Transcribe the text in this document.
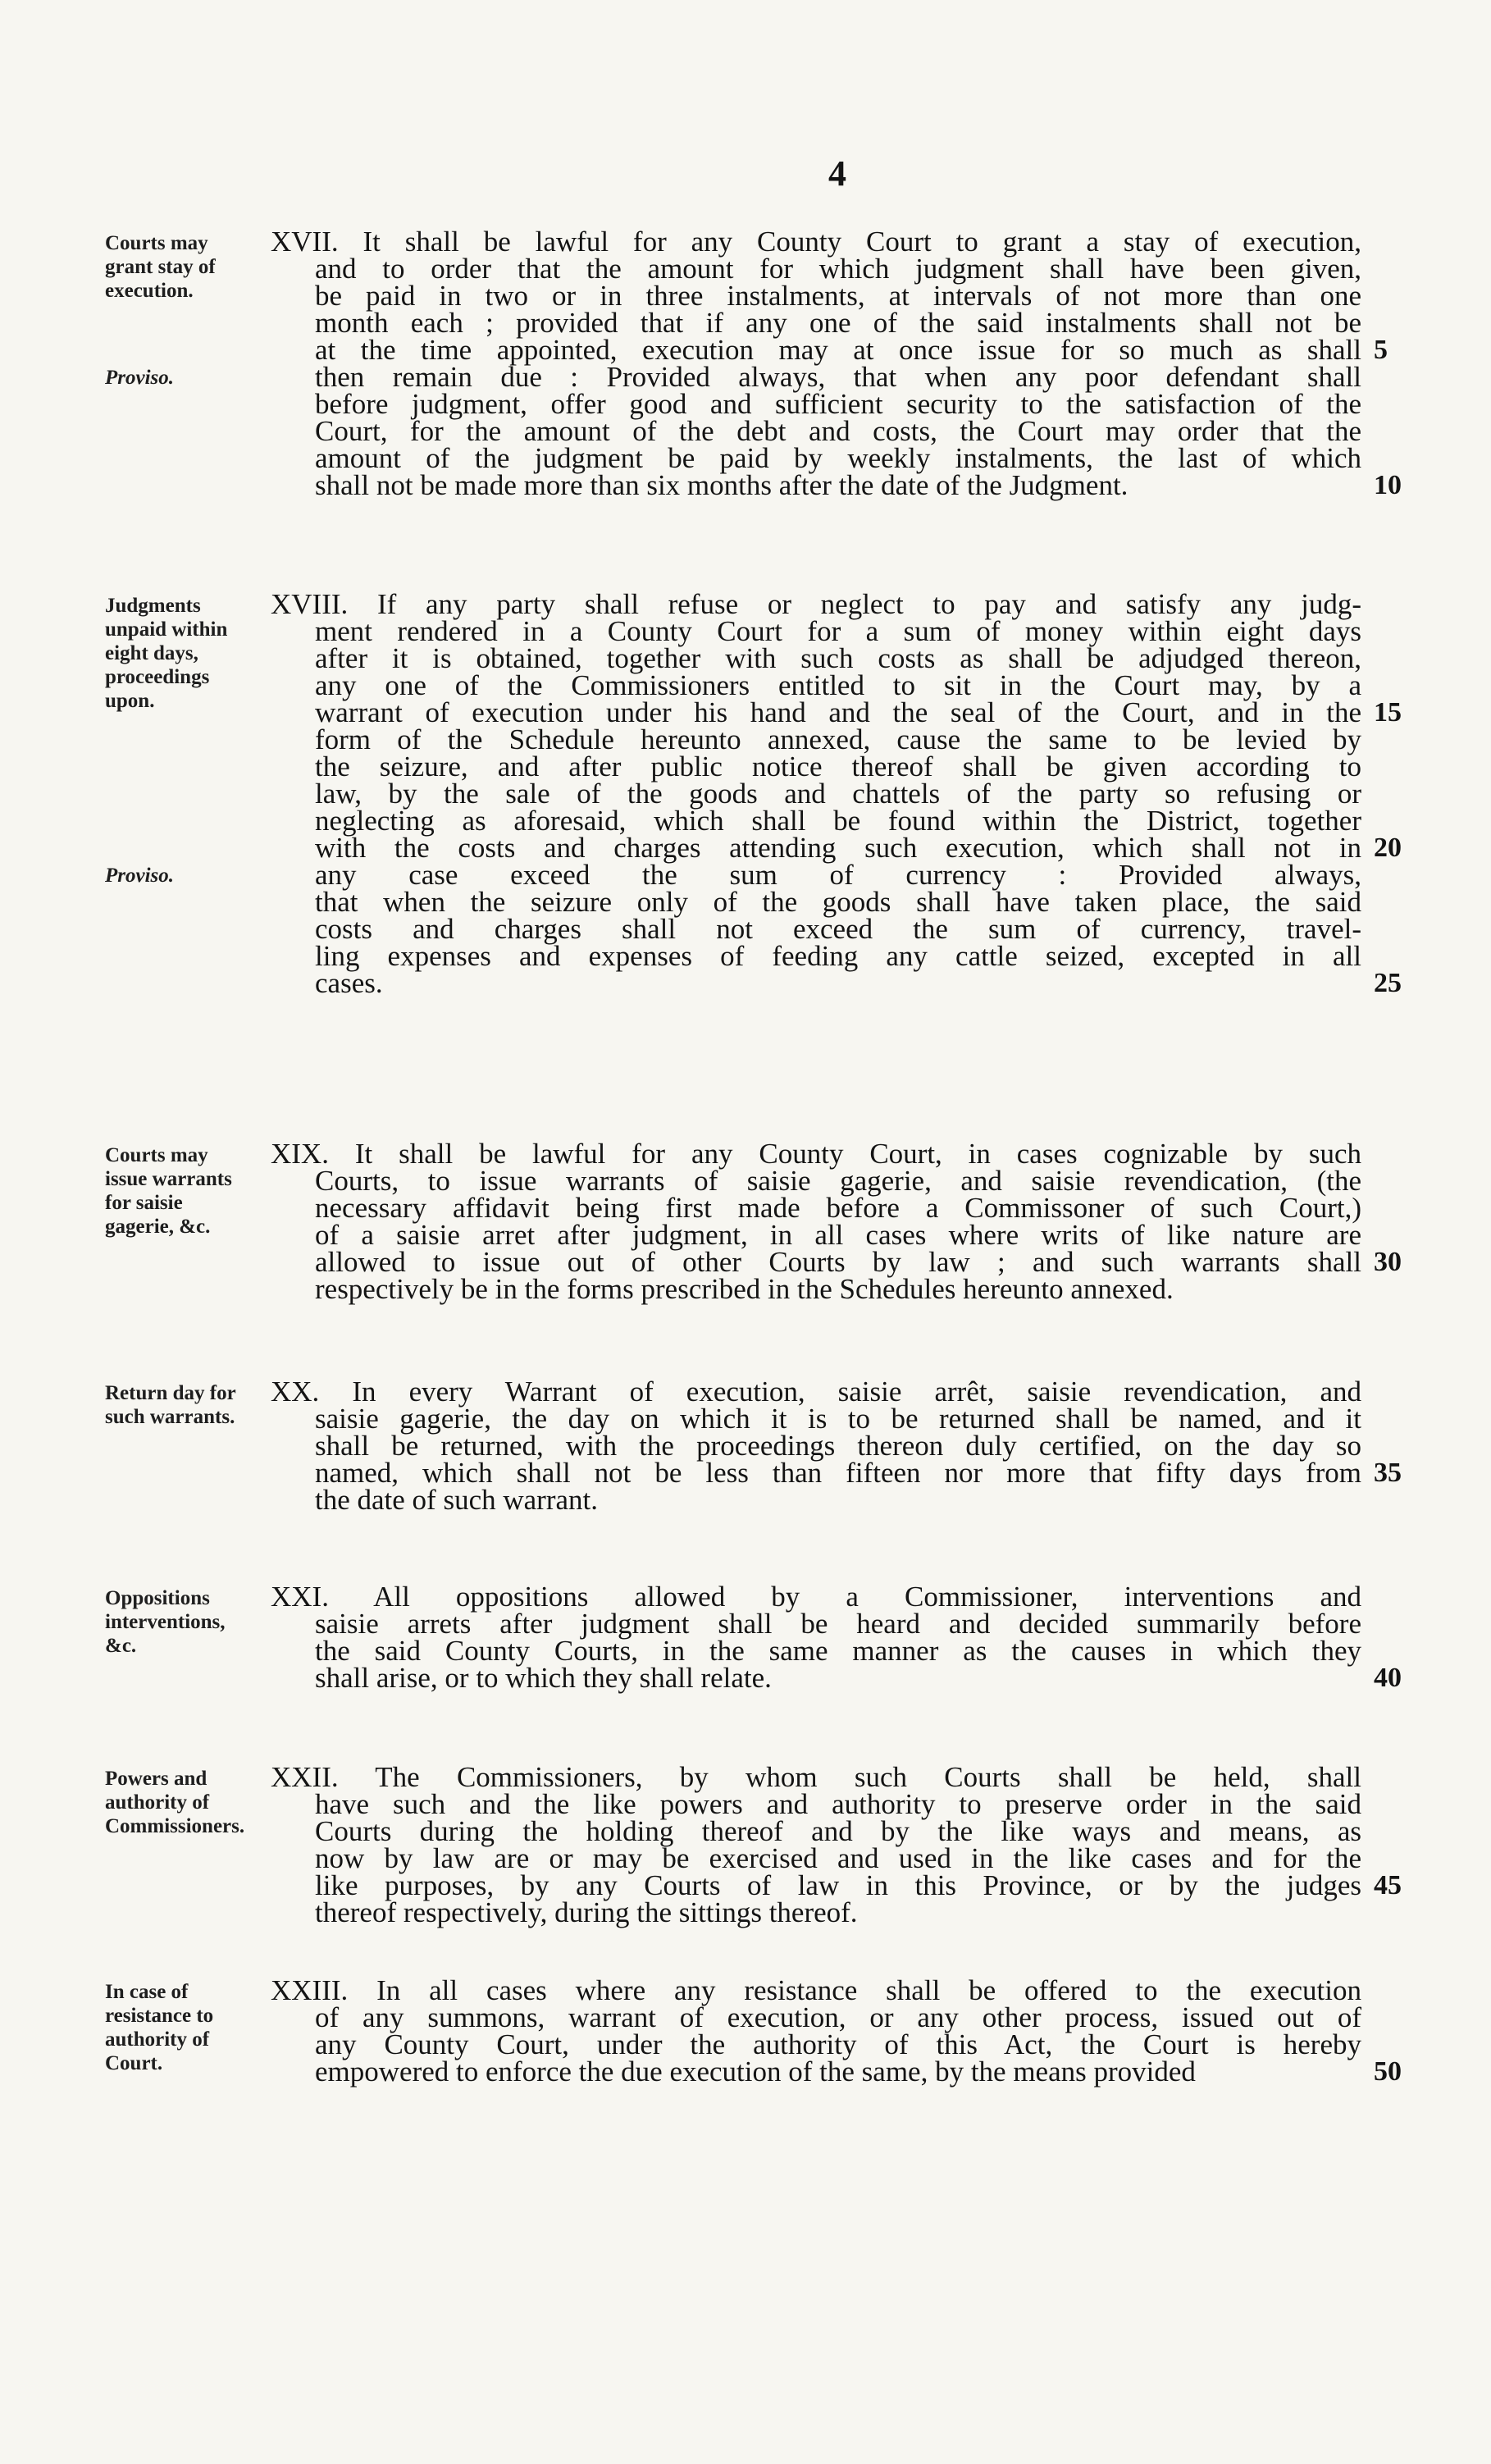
4
Courts may grant stay of execution.
Proviso.
XVII. It shall be lawful for any County Court to grant a stay of execution,
and to order that the amount for which judgment shall have been given,
be paid in two or in three instalments, at intervals of not more than one
month each ; provided that if any one of the said instalments shall not be
at the time appointed, execution may at once issue for so much as shall 5
then remain due : Provided always, that when any poor defendant shall
before judgment, offer good and sufficient security to the satisfaction of the
Court, for the amount of the debt and costs, the Court may order that the
amount of the judgment be paid by weekly instalments, the last of which
shall not be made more than six months after the date of the Judgment.	10
Judgments unpaid within eight days, proceedings upon.
Proviso.
XVIII. If any party shall refuse or neglect to pay and satisfy any judg-
ment rendered in a County Court for a sum of money within eight days
after it is obtained, together with such costs as shall be adjudged thereon,
any one of the Commissioners entitled to sit in the Court may, by a
warrant of execution under his hand and the seal of the Court, and in the 15
form of the Schedule hereunto annexed, cause the same to be levied by
the seizure, and after public notice thereof shall be given according to
law, by the sale of the goods and chattels of the party so refusing or
neglecting as aforesaid, which shall be found within the District, together
with the costs and charges attending such execution, which shall not in 20
any case exceed the sum of currency : Provided always,
that when the seizure only of the goods shall have taken place, the said
costs and charges shall not exceed the sum of currency, travel-
ling expenses and expenses of feeding any cattle seized, excepted in all
cases.	25
Courts may issue warrants for saisie gagerie, &c.
XIX. It shall be lawful for any County Court, in cases cognizable by such
Courts, to issue warrants of saisie gagerie, and saisie revendication, (the
necessary affidavit being first made before a Commissoner of such Court,)
of a saisie arret after judgment, in all cases where writs of like nature are
allowed to issue out of other Courts by law ; and such warrants shall 30
respectively be in the forms prescribed in the Schedules hereunto annexed.
Return day for such warrants.
XX. In every Warrant of execution, saisie arrêt, saisie revendication, and
saisie gagerie, the day on which it is to be returned shall be named, and it
shall be returned, with the proceedings thereon duly certified, on the day so
named, which shall not be less than fifteen nor more that fifty days from 35
the date of such warrant.
Oppositions interventions, &c.
XXI. All oppositions allowed by a Commissioner, interventions and
saisie arrets after judgment shall be heard and decided summarily before
the said County Courts, in the same manner as the causes in which they
shall arise, or to which they shall relate.	40
Powers and authority of Commissioners.
XXII. The Commissioners, by whom such Courts shall be held, shall
have such and the like powers and authority to preserve order in the said
Courts during the holding thereof and by the like ways and means, as
now by law are or may be exercised and used in the like cases and for the
like purposes, by any Courts of law in this Province, or by the judges 45
thereof respectively, during the sittings thereof.
In case of resistance to authority of Court.
XXIII. In all cases where any resistance shall be offered to the execution
of any summons, warrant of execution, or any other process, issued out of
any County Court, under the authority of this Act, the Court is hereby
empowered to enforce the due execution of the same, by the means provided	50
